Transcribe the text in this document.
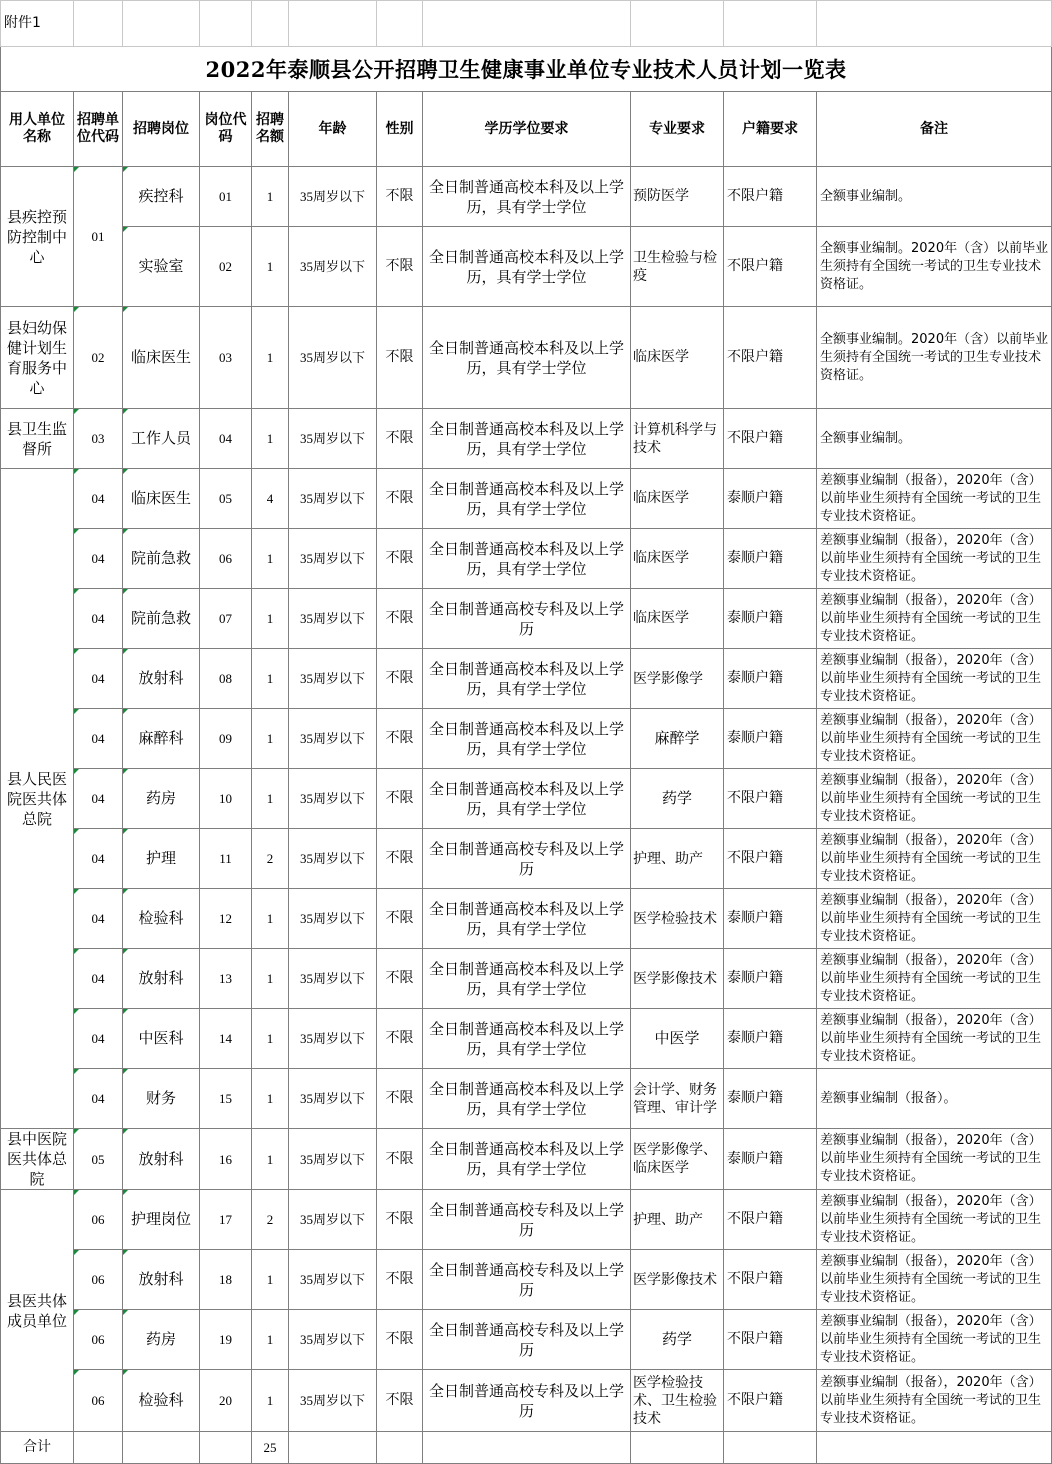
附件1										
2022年泰顺县公开招聘卫生健康事业单位专业技术人员计划一览表										
用人单位名称	招聘单位代码	招聘岗位	岗位代码	招聘名额	年龄	性别	学历学位要求	专业要求	户籍要求	备注
县疾控预防控制中心	01	疾控科	01	1	35周岁以下	不限	全日制普通高校本科及以上学历，具有学士学位	预防医学	不限户籍	全额事业编制。
		实验室	02	1	35周岁以下	不限	全日制普通高校本科及以上学历，具有学士学位	卫生检验与检疫	不限户籍	全额事业编制。2020年（含）以前毕业生须持有全国统一考试的卫生专业技术资格证。
县妇幼保健计划生育服务中心	02	临床医生	03	1	35周岁以下	不限	全日制普通高校本科及以上学历，具有学士学位	临床医学	不限户籍	全额事业编制。2020年（含）以前毕业生须持有全国统一考试的卫生专业技术资格证。
县卫生监督所	03	工作人员	04	1	35周岁以下	不限	全日制普通高校本科及以上学历，具有学士学位	计算机科学与技术	不限户籍	全额事业编制。
县人民医院医共体总院	04	临床医生	05	4	35周岁以下	不限	全日制普通高校本科及以上学历，具有学士学位	临床医学	泰顺户籍	差额事业编制（报备），2020年（含）以前毕业生须持有全国统一考试的卫生专业技术资格证。
	04	院前急救	06	1	35周岁以下	不限	全日制普通高校本科及以上学历，具有学士学位	临床医学	泰顺户籍	差额事业编制（报备），2020年（含）以前毕业生须持有全国统一考试的卫生专业技术资格证。
	04	院前急救	07	1	35周岁以下	不限	全日制普通高校专科及以上学历	临床医学	泰顺户籍	差额事业编制（报备），2020年（含）以前毕业生须持有全国统一考试的卫生专业技术资格证。
	04	放射科	08	1	35周岁以下	不限	全日制普通高校本科及以上学历，具有学士学位	医学影像学	泰顺户籍	差额事业编制（报备），2020年（含）以前毕业生须持有全国统一考试的卫生专业技术资格证。
	04	麻醉科	09	1	35周岁以下	不限	全日制普通高校本科及以上学历，具有学士学位	麻醉学	泰顺户籍	差额事业编制（报备），2020年（含）以前毕业生须持有全国统一考试的卫生专业技术资格证。
	04	药房	10	1	35周岁以下	不限	全日制普通高校本科及以上学历，具有学士学位	药学	不限户籍	差额事业编制（报备），2020年（含）以前毕业生须持有全国统一考试的卫生专业技术资格证。
	04	护理	11	2	35周岁以下	不限	全日制普通高校专科及以上学历	护理、助产	不限户籍	差额事业编制（报备），2020年（含）以前毕业生须持有全国统一考试的卫生专业技术资格证。
	04	检验科	12	1	35周岁以下	不限	全日制普通高校本科及以上学历，具有学士学位	医学检验技术	泰顺户籍	差额事业编制（报备），2020年（含）以前毕业生须持有全国统一考试的卫生专业技术资格证。
	04	放射科	13	1	35周岁以下	不限	全日制普通高校本科及以上学历，具有学士学位	医学影像技术	泰顺户籍	差额事业编制（报备），2020年（含）以前毕业生须持有全国统一考试的卫生专业技术资格证。
	04	中医科	14	1	35周岁以下	不限	全日制普通高校本科及以上学历，具有学士学位	中医学	泰顺户籍	差额事业编制（报备），2020年（含）以前毕业生须持有全国统一考试的卫生专业技术资格证。
	04	财务	15	1	35周岁以下	不限	全日制普通高校本科及以上学历，具有学士学位	会计学、财务管理、审计学	泰顺户籍	差额事业编制（报备）。
县中医院医共体总院	05	放射科	16	1	35周岁以下	不限	全日制普通高校本科及以上学历，具有学士学位	医学影像学、临床医学	泰顺户籍	差额事业编制（报备），2020年（含）以前毕业生须持有全国统一考试的卫生专业技术资格证。
县医共体成员单位	06	护理岗位	17	2	35周岁以下	不限	全日制普通高校专科及以上学历	护理、助产	不限户籍	差额事业编制（报备），2020年（含）以前毕业生须持有全国统一考试的卫生专业技术资格证。
	06	放射科	18	1	35周岁以下	不限	全日制普通高校专科及以上学历	医学影像技术	不限户籍	差额事业编制（报备），2020年（含）以前毕业生须持有全国统一考试的卫生专业技术资格证。
	06	药房	19	1	35周岁以下	不限	全日制普通高校专科及以上学历	药学	不限户籍	差额事业编制（报备），2020年（含）以前毕业生须持有全国统一考试的卫生专业技术资格证。
	06	检验科	20	1	35周岁以下	不限	全日制普通高校专科及以上学历	医学检验技术、卫生检验技术	不限户籍	差额事业编制（报备），2020年（含）以前毕业生须持有全国统一考试的卫生专业技术资格证。
合计				25						
